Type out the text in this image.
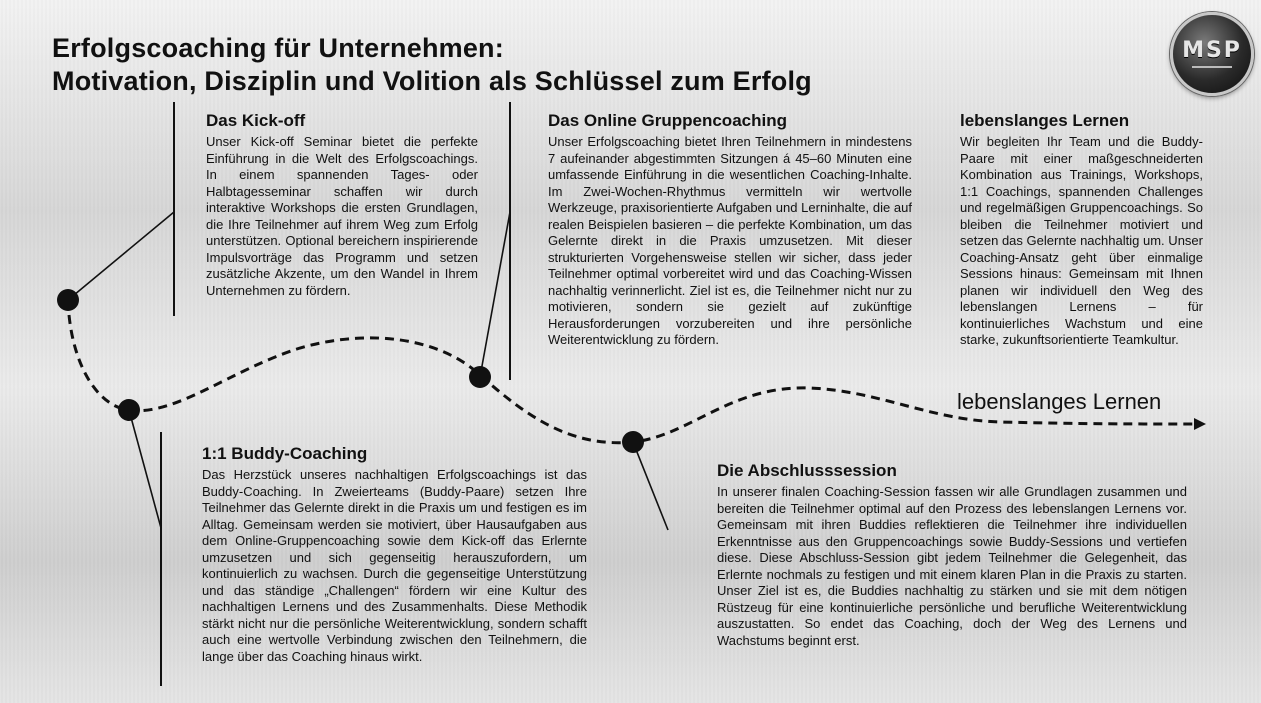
Erfolgscoaching für Unternehmen:
Motivation, Disziplin und Volition als Schlüssel zum Erfolg
MSP
Das Kick-off

Unser Kick-off Seminar bietet die perfekte Einführung in die Welt des Erfolgscoachings. In einem spannenden Tages- oder Halbtagesseminar schaffen wir durch interaktive Workshops die ersten Grundlagen, die Ihre Teilnehmer auf ihrem Weg zum Erfolg unterstützen. Optional bereichern inspirierende Impulsvorträge das Programm und setzen zusätzliche Akzente, um den Wandel in Ihrem Unternehmen zu fördern.

Das Online Gruppencoaching

Unser Erfolgscoaching bietet Ihren Teilnehmern in mindestens 7 aufeinander abgestimmten Sitzungen á 45–60 Minuten eine umfassende Einführung in die wesentlichen Coaching-Inhalte. Im Zwei-Wochen-Rhythmus vermitteln wir wertvolle Werkzeuge, praxisorientierte Aufgaben und Lerninhalte, die auf realen Beispielen basieren – die perfekte Kombination, um das Gelernte direkt in die Praxis umzusetzen. Mit dieser strukturierten Vorgehensweise stellen wir sicher, dass jeder Teilnehmer optimal vorbereitet wird und das Coaching-Wissen nachhaltig verinnerlicht. Ziel ist es, die Teilnehmer nicht nur zu motivieren, sondern sie gezielt auf zukünftige Herausforderungen vorzubereiten und ihre persönliche Weiterentwicklung zu fördern.

lebenslanges Lernen

Wir begleiten Ihr Team und die Buddy-Paare mit einer maßgeschneiderten Kombination aus Trainings, Workshops, 1:1 Coachings, spannenden Challenges und regelmäßigen Gruppencoachings. So bleiben die Teilnehmer motiviert und setzen das Gelernte nachhaltig um. Unser Coaching-Ansatz geht über einmalige Sessions hinaus: Gemeinsam mit Ihnen planen wir individuell den Weg des lebenslangen Lernens – für kontinuierliches Wachstum und eine starke, zukunftsorientierte Teamkultur.

lebenslanges Lernen
1:1 Buddy-Coaching

Das Herzstück unseres nachhaltigen Erfolgscoachings ist das Buddy-Coaching. In Zweierteams (Buddy-Paare) setzen Ihre Teilnehmer das Gelernte direkt in die Praxis um und festigen es im Alltag. Gemeinsam werden sie motiviert, über Hausaufgaben aus dem Online-Gruppencoaching sowie dem Kick-off das Erlernte umzusetzen und sich gegenseitig herauszufordern, um kontinuierlich zu wachsen. Durch die gegenseitige Unterstützung und das ständige „Challengen“ fördern wir eine Kultur des nachhaltigen Lernens und des Zusammenhalts. Diese Methodik stärkt nicht nur die persönliche Weiterentwicklung, sondern schafft auch eine wertvolle Verbindung zwischen den Teilnehmern, die lange über das Coaching hinaus wirkt.

Die Abschlusssession

In unserer finalen Coaching-Session fassen wir alle Grundlagen zusammen und bereiten die Teilnehmer optimal auf den Prozess des lebenslangen Lernens vor. Gemeinsam mit ihren Buddies reflektieren die Teilnehmer ihre individuellen Erkenntnisse aus den Gruppencoachings sowie Buddy-Sessions und vertiefen diese. Diese Abschluss-Session gibt jedem Teilnehmer die Gelegenheit, das Erlernte nochmals zu festigen und mit einem klaren Plan in die Praxis zu starten. Unser Ziel ist es, die Buddies nachhaltig zu stärken und sie mit dem nötigen Rüstzeug für eine kontinuierliche persönliche und berufliche Weiterentwicklung auszustatten. So endet das Coaching, doch der Weg des Lernens und Wachstums beginnt erst.
